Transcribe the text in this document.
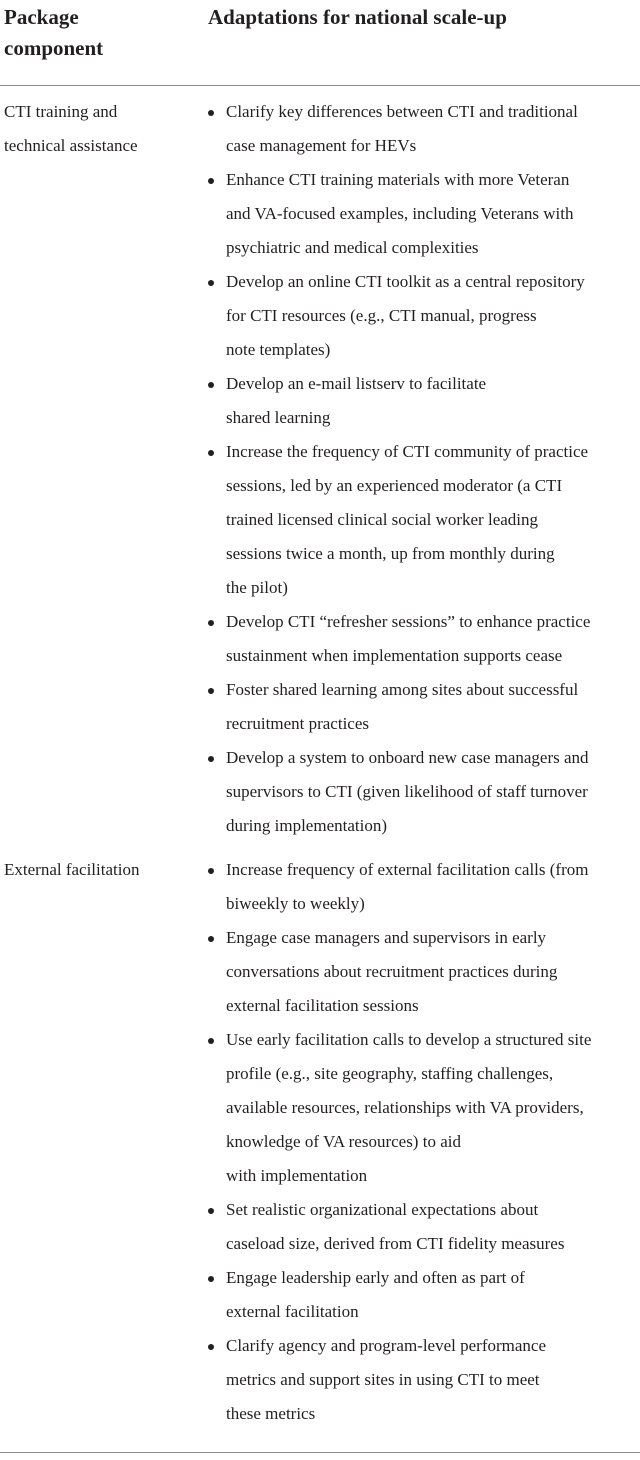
Package
component
Adaptations for national scale-up
CTI training and
technical assistance
Clarify key differences between CTI and traditional
case management for HEVs
Enhance CTI training materials with more Veteran
and VA-focused examples, including Veterans with
psychiatric and medical complexities
Develop an online CTI toolkit as a central repository
for CTI resources (e.g., CTI manual, progress
note templates)
Develop an e-mail listserv to facilitate
shared learning
Increase the frequency of CTI community of practice
sessions, led by an experienced moderator (a CTI
trained licensed clinical social worker leading
sessions twice a month, up from monthly during
the pilot)
Develop CTI “refresher sessions” to enhance practice
sustainment when implementation supports cease
Foster shared learning among sites about successful
recruitment practices
Develop a system to onboard new case managers and
supervisors to CTI (given likelihood of staff turnover
during implementation)
External facilitation	Increase frequency of external facilitation calls (from
biweekly to weekly)
Engage case managers and supervisors in early
conversations about recruitment practices during
external facilitation sessions
Use early facilitation calls to develop a structured site
profile (e.g., site geography, staffing challenges,
available resources, relationships with VA providers,
knowledge of VA resources) to aid
with implementation
Set realistic organizational expectations about
caseload size, derived from CTI fidelity measures
Engage leadership early and often as part of
external facilitation
Clarify agency and program-level performance
metrics and support sites in using CTI to meet
these metrics
